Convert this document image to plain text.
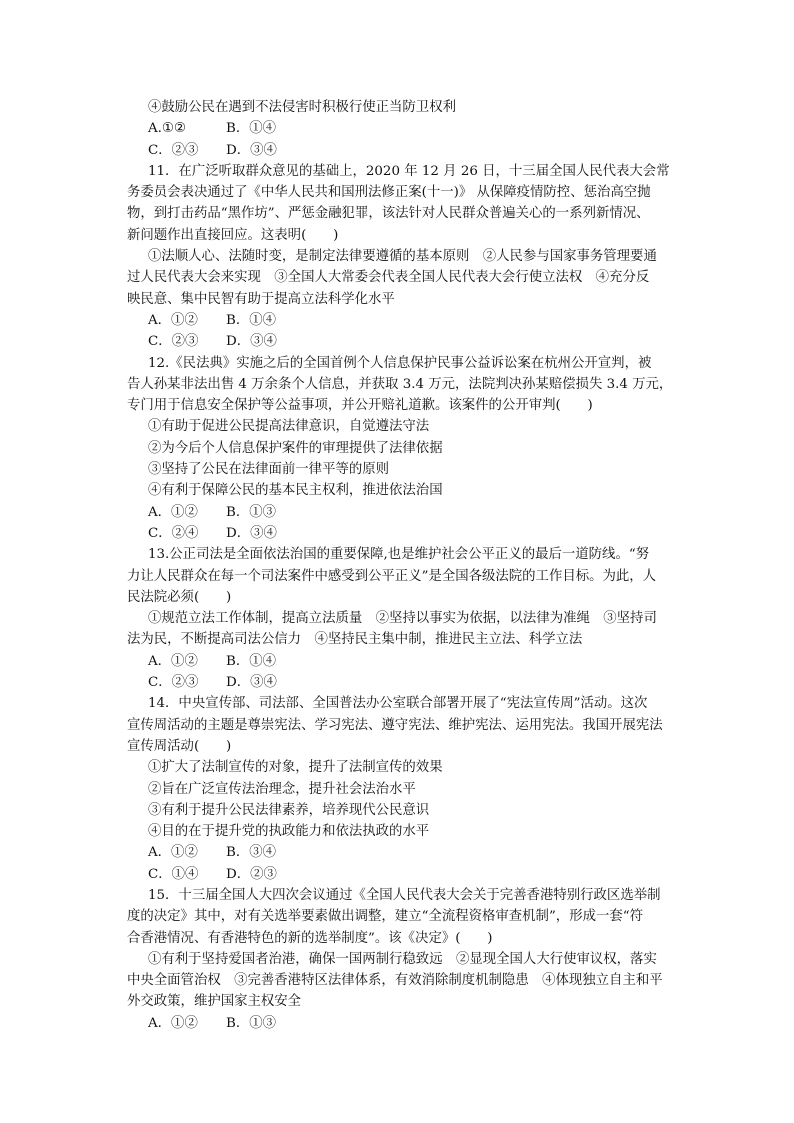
④鼓励公民在遇到不法侵害时积极行使正当防卫权利
A.①②	B．①④
C．②③ D．③④
11．在广泛听取群众意见的基础上，2020 年 12 月 26 日，十三届全国人民代表大会常
务委员会表决通过了《中华人民共和国刑法修正案(十一)》 从保障疫情防控、惩治高空抛
物，到打击药品“黑作坊”、严惩金融犯罪，该法针对人民群众普遍关心的一系列新情况、
新问题作出直接回应。这表明(　　)
①法顺人心、法随时变，是制定法律要遵循的基本原则　②人民参与国家事务管理要通
过人民代表大会来实现　③全国人大常委会代表全国人民代表大会行使立法权　④充分反
映民意、集中民智有助于提高立法科学化水平
A．①② B．①④
C．②③ D．③④
12.《民法典》实施之后的全国首例个人信息保护民事公益诉讼案在杭州公开宣判，被
告人孙某非法出售 4 万余条个人信息，并获取 3.4 万元，法院判决孙某赔偿损失 3.4 万元，
专门用于信息安全保护等公益事项，并公开赔礼道歉。该案件的公开审判(　　)
①有助于促进公民提高法律意识，自觉遵法守法
②为今后个人信息保护案件的审理提供了法律依据
③坚持了公民在法律面前一律平等的原则
④有利于保障公民的基本民主权利，推进依法治国
A．①② B．①③
C．②④ D．③④
13.公正司法是全面依法治国的重要保障,也是维护社会公平正义的最后一道防线。“努
力让人民群众在每一个司法案件中感受到公平正义”是全国各级法院的工作目标。为此，人
民法院必须(　　)
①规范立法工作体制，提高立法质量　②坚持以事实为依据，以法律为准绳　③坚持司
法为民，不断提高司法公信力　④坚持民主集中制，推进民主立法、科学立法
A．①② B．①④
C．②③ D．③④
14．中央宣传部、司法部、全国普法办公室联合部署开展了“宪法宣传周”活动。这次
宣传周活动的主题是尊崇宪法、学习宪法、遵守宪法、维护宪法、运用宪法。我国开展宪法
宣传周活动(　　)
①扩大了法制宣传的对象，提升了法制宣传的效果
②旨在广泛宣传法治理念，提升社会法治水平
③有利于提升公民法律素养，培养现代公民意识
④目的在于提升党的执政能力和依法执政的水平
A．①② B．③④
C．①④ D．②③
15．十三届全国人大四次会议通过《全国人民代表大会关于完善香港特别行政区选举制
度的决定》其中，对有关选举要素做出调整，建立“全流程资格审查机制”，形成一套“符
合香港情况、有香港特色的新的选举制度”。该《决定》(　　)
①有利于坚持爱国者治港，确保一国两制行稳致远　②显现全国人大行使审议权，落实
中央全面管治权　③完善香港特区法律体系，有效消除制度机制隐患　④体现独立自主和平
外交政策，维护国家主权安全
A．①② B．①③
